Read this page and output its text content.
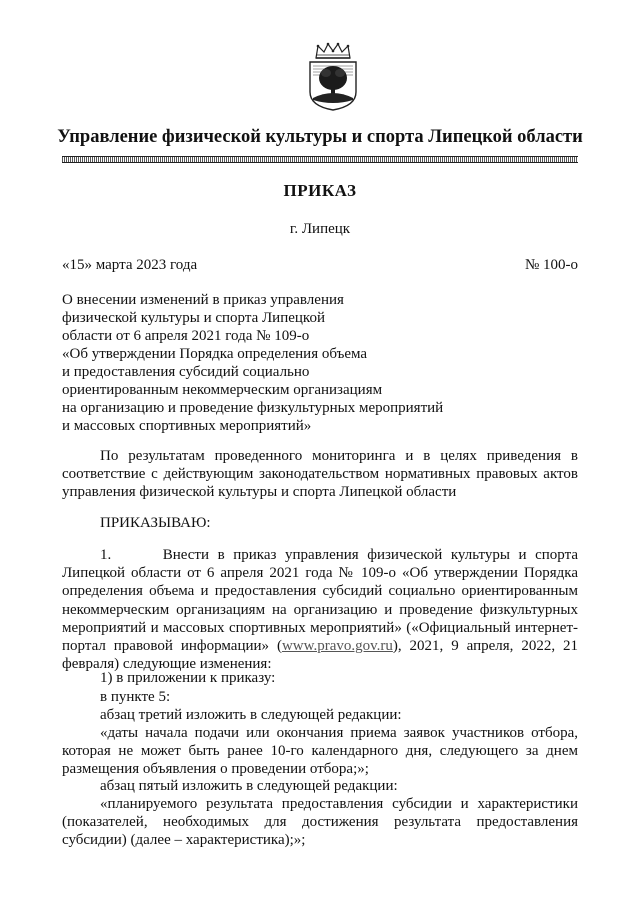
Управление физической культуры и спорта Липецкой области
ПРИКАЗ
г. Липецк
«15» марта 2023 года	№ 100-о
О внесении изменений в приказ управления
физической культуры и спорта Липецкой
области от 6 апреля 2021 года № 109-о
«Об утверждении Порядка определения объема
и предоставления субсидий социально
ориентированным некоммерческим организациям
на организацию и проведение физкультурных мероприятий
и массовых спортивных мероприятий»

По результатам проведенного мониторинга и в целях приведения в соответствие с действующим законодательством нормативных правовых актов управления физической культуры и спорта Липецкой области

ПРИКАЗЫВАЮ:

1.      Внести в приказ управления физической культуры и спорта Липецкой области от 6 апреля 2021 года № 109-о «Об утверждении Порядка определения объема и предоставления субсидий социально ориентированным некоммерческим организациям на организацию и проведение физкультурных мероприятий и массовых спортивных мероприятий» («Официальный интернет-портал правовой информации» (www.pravo.gov.ru), 2021, 9 апреля, 2022, 21 февраля) следующие изменения:

1) в приложении к приказу:

в пункте 5:

абзац третий изложить в следующей редакции:

«даты начала подачи или окончания приема заявок участников отбора, которая не может быть ранее 10-го календарного дня, следующего за днем размещения объявления о проведении отбора;»;

абзац пятый изложить в следующей редакции:

«планируемого результата предоставления субсидии и характеристики (показателей, необходимых для достижения результата предоставления субсидии) (далее – характеристика);»;
